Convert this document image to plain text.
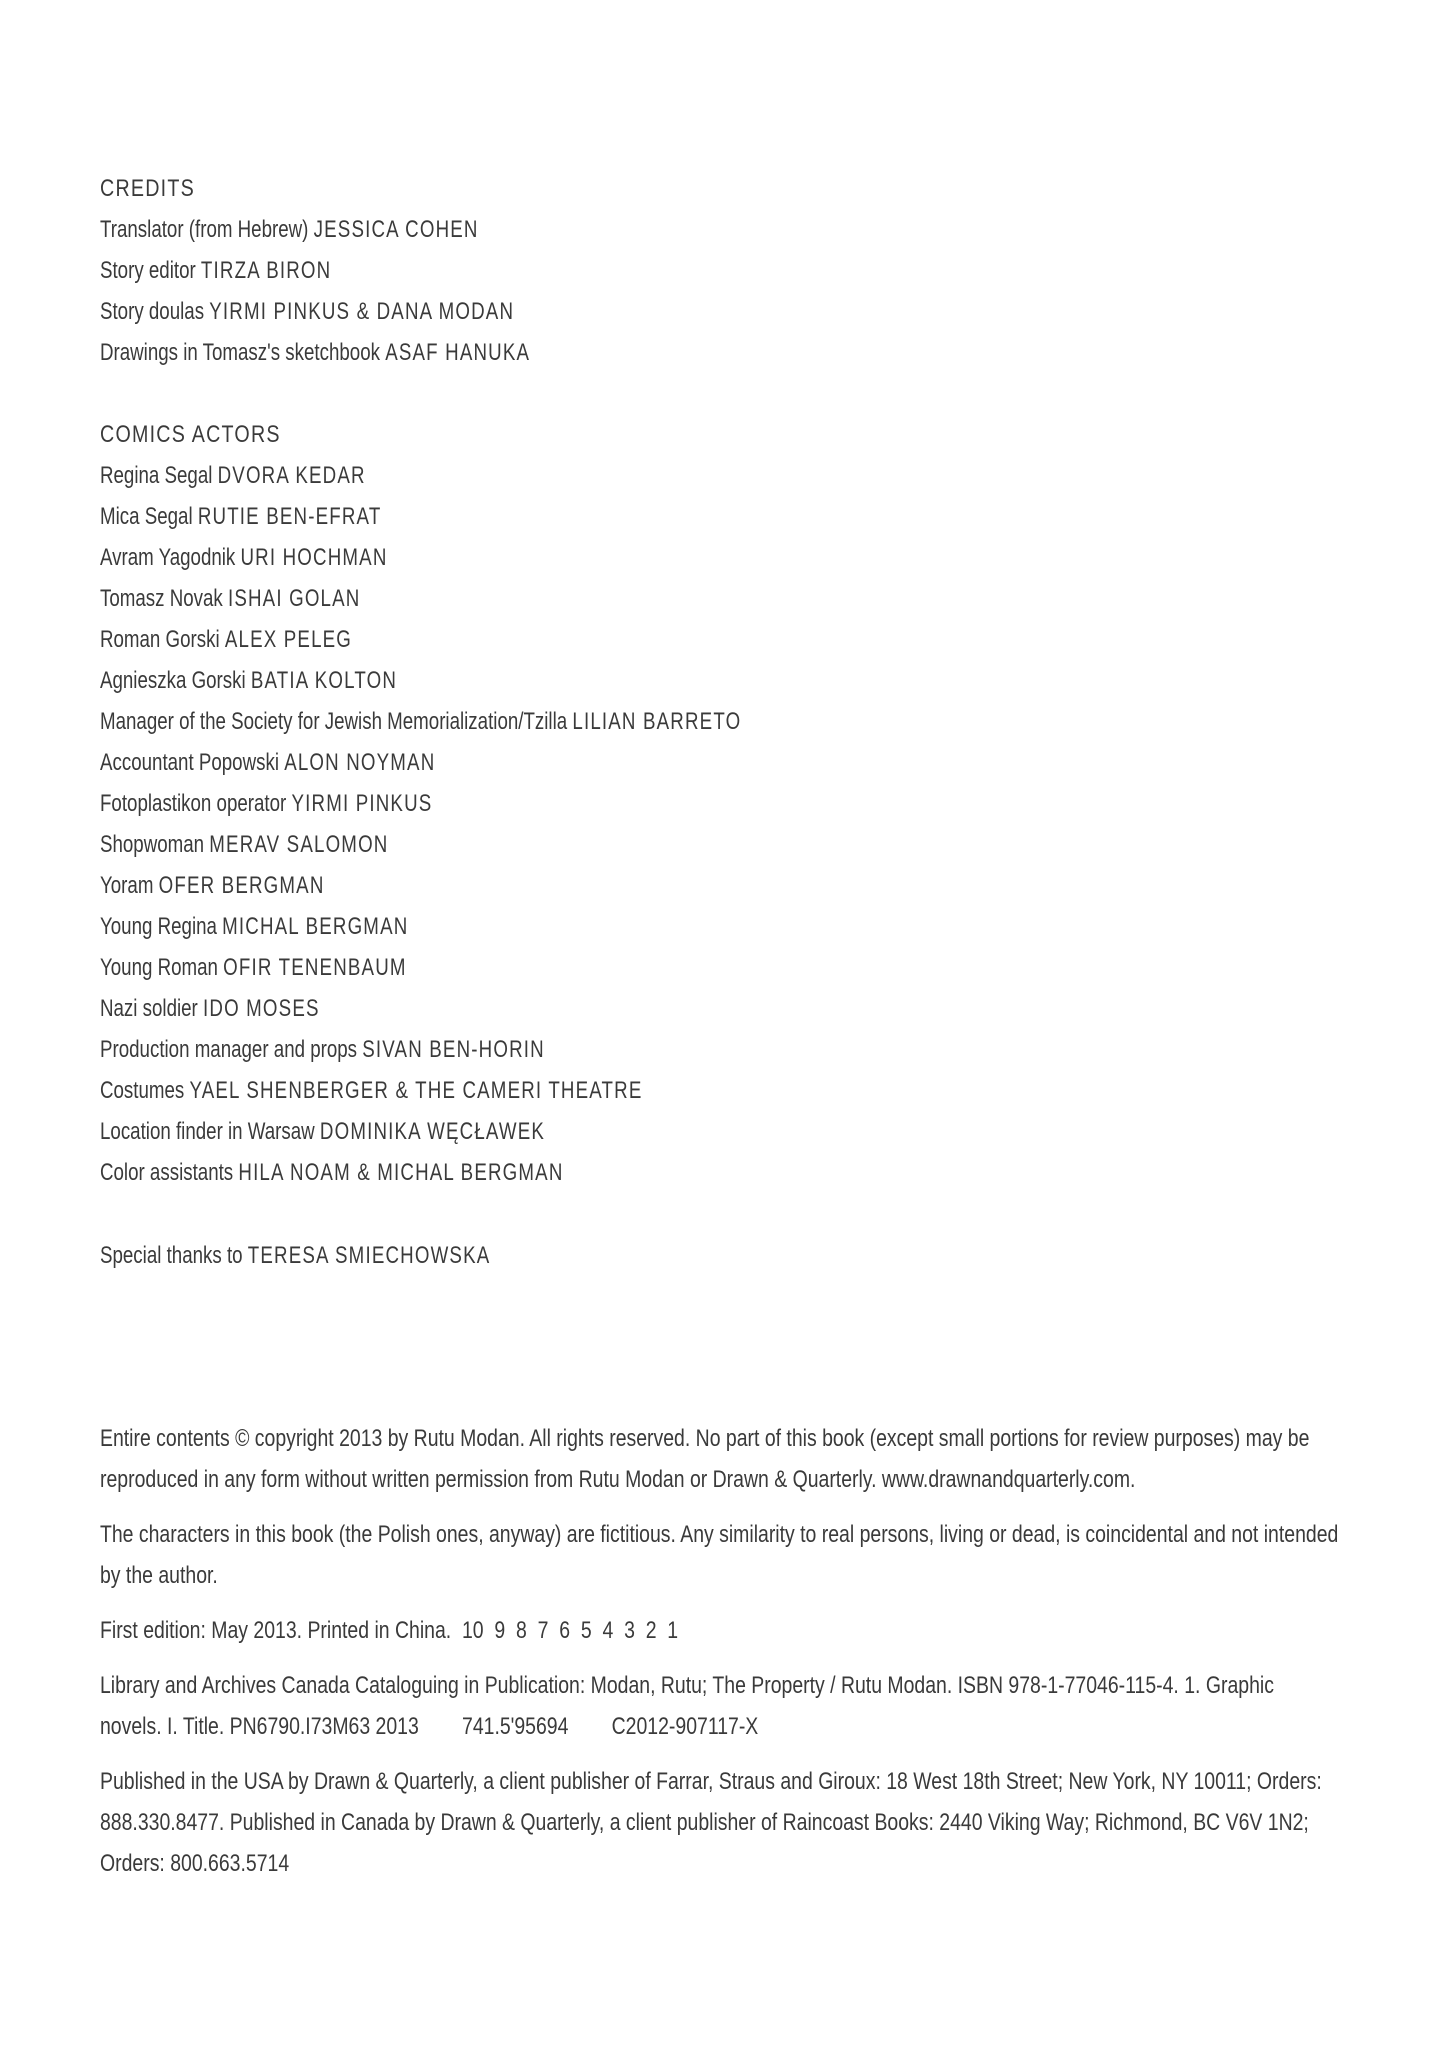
CREDITS
Translator (from Hebrew) JESSICA COHEN
Story editor TIRZA BIRON
Story doulas YIRMI PINKUS & DANA MODAN
Drawings in Tomasz's sketchbook ASAF HANUKA
COMICS ACTORS
Regina Segal DVORA KEDAR
Mica Segal RUTIE BEN-EFRAT
Avram Yagodnik URI HOCHMAN
Tomasz Novak ISHAI GOLAN
Roman Gorski ALEX PELEG
Agnieszka Gorski BATIA KOLTON
Manager of the Society for Jewish Memorialization/Tzilla LILIAN BARRETO
Accountant Popowski ALON NOYMAN
Fotoplastikon operator YIRMI PINKUS
Shopwoman MERAV SALOMON
Yoram OFER BERGMAN
Young Regina MICHAL BERGMAN
Young Roman OFIR TENENBAUM
Nazi soldier IDO MOSES
Production manager and props SIVAN BEN-HORIN
Costumes YAEL SHENBERGER & THE CAMERI THEATRE
Location finder in Warsaw DOMINIKA WĘCŁAWEK
Color assistants HILA NOAM & MICHAL BERGMAN
Special thanks to TERESA SMIECHOWSKA

Entire contents © copyright 2013 by Rutu Modan. All rights reserved. No part of this book (except small portions for review purposes) may be reproduced in any form without written permission from Rutu Modan or Drawn & Quarterly. www.drawnandquarterly.com.

The characters in this book (the Polish ones, anyway) are fictitious. Any similarity to real persons, living or dead, is coincidental and not intended by the author.

First edition: May 2013. Printed in China.  10  9  8  7  6  5  4  3  2  1

Library and Archives Canada Cataloguing in Publication: Modan, Rutu; The Property / Rutu Modan. ISBN 978-1-77046-115-4. 1. Graphic novels. I. Title. PN6790.I73M63 2013        741.5'95694        C2012-907117-X

Published in the USA by Drawn & Quarterly, a client publisher of Farrar, Straus and Giroux: 18 West 18th Street; New York, NY 10011; Orders: 888.330.8477. Published in Canada by Drawn & Quarterly, a client publisher of Raincoast Books: 2440 Viking Way; Richmond, BC V6V 1N2; Orders: 800.663.5714
